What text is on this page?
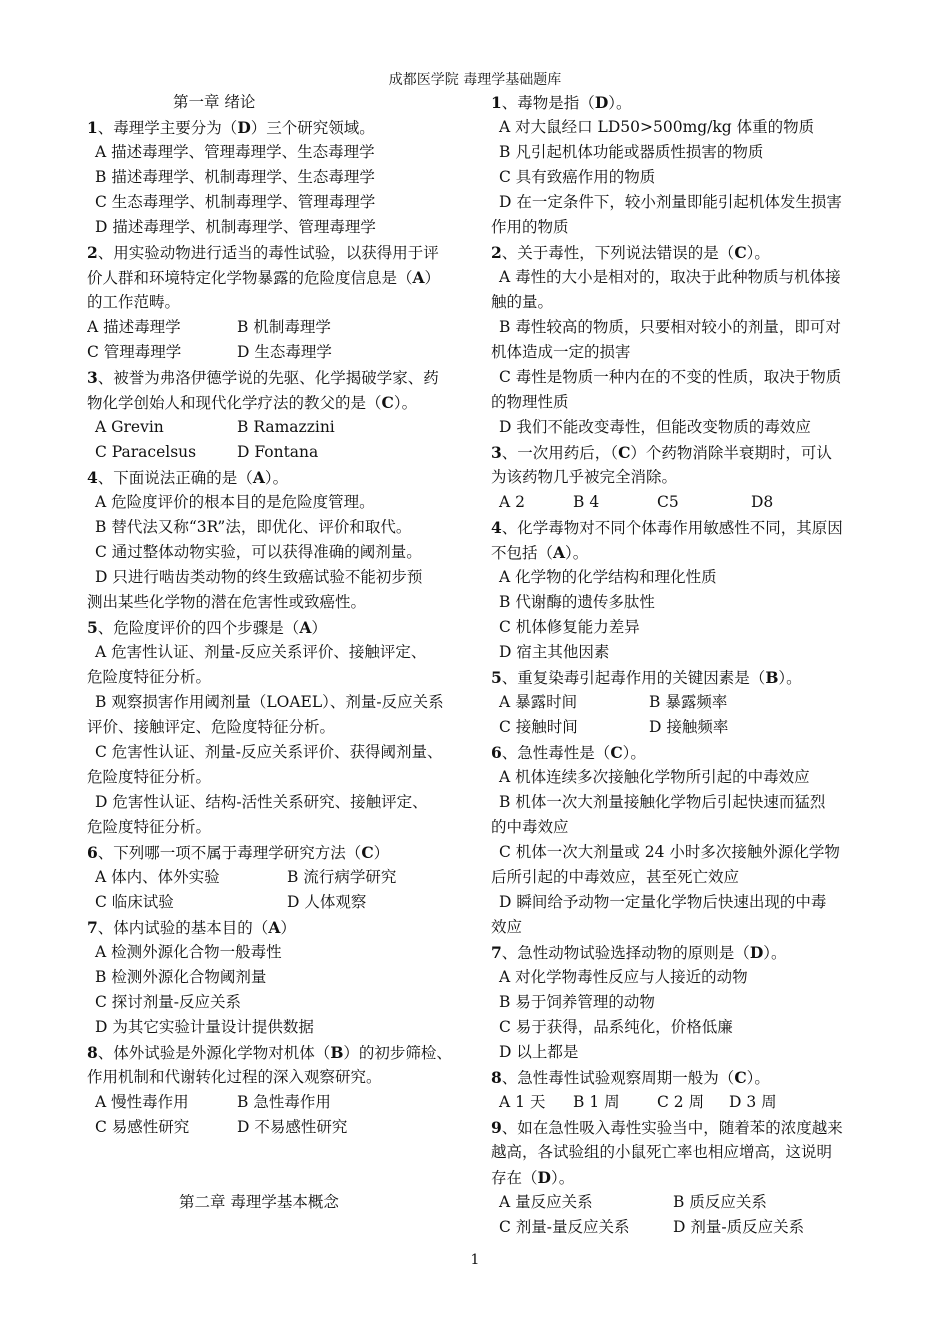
成都医学院 毒理学基础题库
第一章 绪论
1、毒理学主要分为（D）三个研究领域。
A 描述毒理学、管理毒理学、生态毒理学
B 描述毒理学、机制毒理学、生态毒理学
C 生态毒理学、机制毒理学、管理毒理学
D 描述毒理学、机制毒理学、管理毒理学
2、用实验动物进行适当的毒性试验，以获得用于评
价人群和环境特定化学物暴露的危险度信息是（A）
的工作范畴。
A 描述毒理学	B 机制毒理学
C 管理毒理学	D 生态毒理学
3、被誉为弗洛伊德学说的先驱、化学揭破学家、药
物化学创始人和现代化学疗法的教父的是（C）。
A Grevin	B Ramazzini
C Paracelsus	D Fontana
4、下面说法正确的是（A）。
A 危险度评价的根本目的是危险度管理。
B 替代法又称“3R”法，即优化、评价和取代。
C 通过整体动物实验，可以获得准确的阈剂量。
D 只进行啮齿类动物的终生致癌试验不能初步预
测出某些化学物的潜在危害性或致癌性。
5、危险度评价的四个步骤是（A）
A 危害性认证、剂量-反应关系评价、接触评定、
危险度特征分析。
B 观察损害作用阈剂量（LOAEL）、剂量-反应关系
评价、接触评定、危险度特征分析。
C 危害性认证、剂量-反应关系评价、获得阈剂量、
危险度特征分析。
D 危害性认证、结构-活性关系研究、接触评定、
危险度特征分析。
6、下列哪一项不属于毒理学研究方法（C）
A 体内、体外实验	B 流行病学研究
C 临床试验	D 人体观察
7、体内试验的基本目的（A）
A 检测外源化合物一般毒性
B 检测外源化合物阈剂量
C 探讨剂量-反应关系
D 为其它实验计量设计提供数据
8、体外试验是外源化学物对机体（B）的初步筛检、
作用机制和代谢转化过程的深入观察研究。
A 慢性毒作用	B 急性毒作用
C 易感性研究	D 不易感性研究
第二章 毒理学基本概念
1、毒物是指（D）。
A 对大鼠经口 LD50>500mg/kg 体重的物质
B 凡引起机体功能或器质性损害的物质
C 具有致癌作用的物质
D 在一定条件下，较小剂量即能引起机体发生损害
作用的物质
2、关于毒性，下列说法错误的是（C）。
A 毒性的大小是相对的，取决于此种物质与机体接
触的量。
B 毒性较高的物质，只要相对较小的剂量，即可对
机体造成一定的损害
C 毒性是物质一种内在的不变的性质，取决于物质
的物理性质
D 我们不能改变毒性，但能改变物质的毒效应
3、一次用药后，（C）个药物消除半衰期时，可认
为该药物几乎被完全消除。
A 2	B 4	C5	D8
4、化学毒物对不同个体毒作用敏感性不同，其原因
不包括（A）。
A 化学物的化学结构和理化性质
B 代谢酶的遗传多肽性
C 机体修复能力差异
D 宿主其他因素
5、重复染毒引起毒作用的关键因素是（B）。
A 暴露时间	B 暴露频率
C 接触时间	D 接触频率
6、急性毒性是（C）。
A 机体连续多次接触化学物所引起的中毒效应
B 机体一次大剂量接触化学物后引起快速而猛烈
的中毒效应
C 机体一次大剂量或 24 小时多次接触外源化学物
后所引起的中毒效应，甚至死亡效应
D 瞬间给予动物一定量化学物后快速出现的中毒
效应
7、急性动物试验选择动物的原则是（D）。
A 对化学物毒性反应与人接近的动物
B 易于饲养管理的动物
C 易于获得，品系纯化，价格低廉
D 以上都是
8、急性毒性试验观察周期一般为（C）。
A 1 天	B 1 周	C 2 周	D 3 周
9、如在急性吸入毒性实验当中，随着苯的浓度越来
越高，各试验组的小鼠死亡率也相应增高，这说明
存在（D）。
A 量反应关系	B 质反应关系
C 剂量-量反应关系	D 剂量-质反应关系
1
